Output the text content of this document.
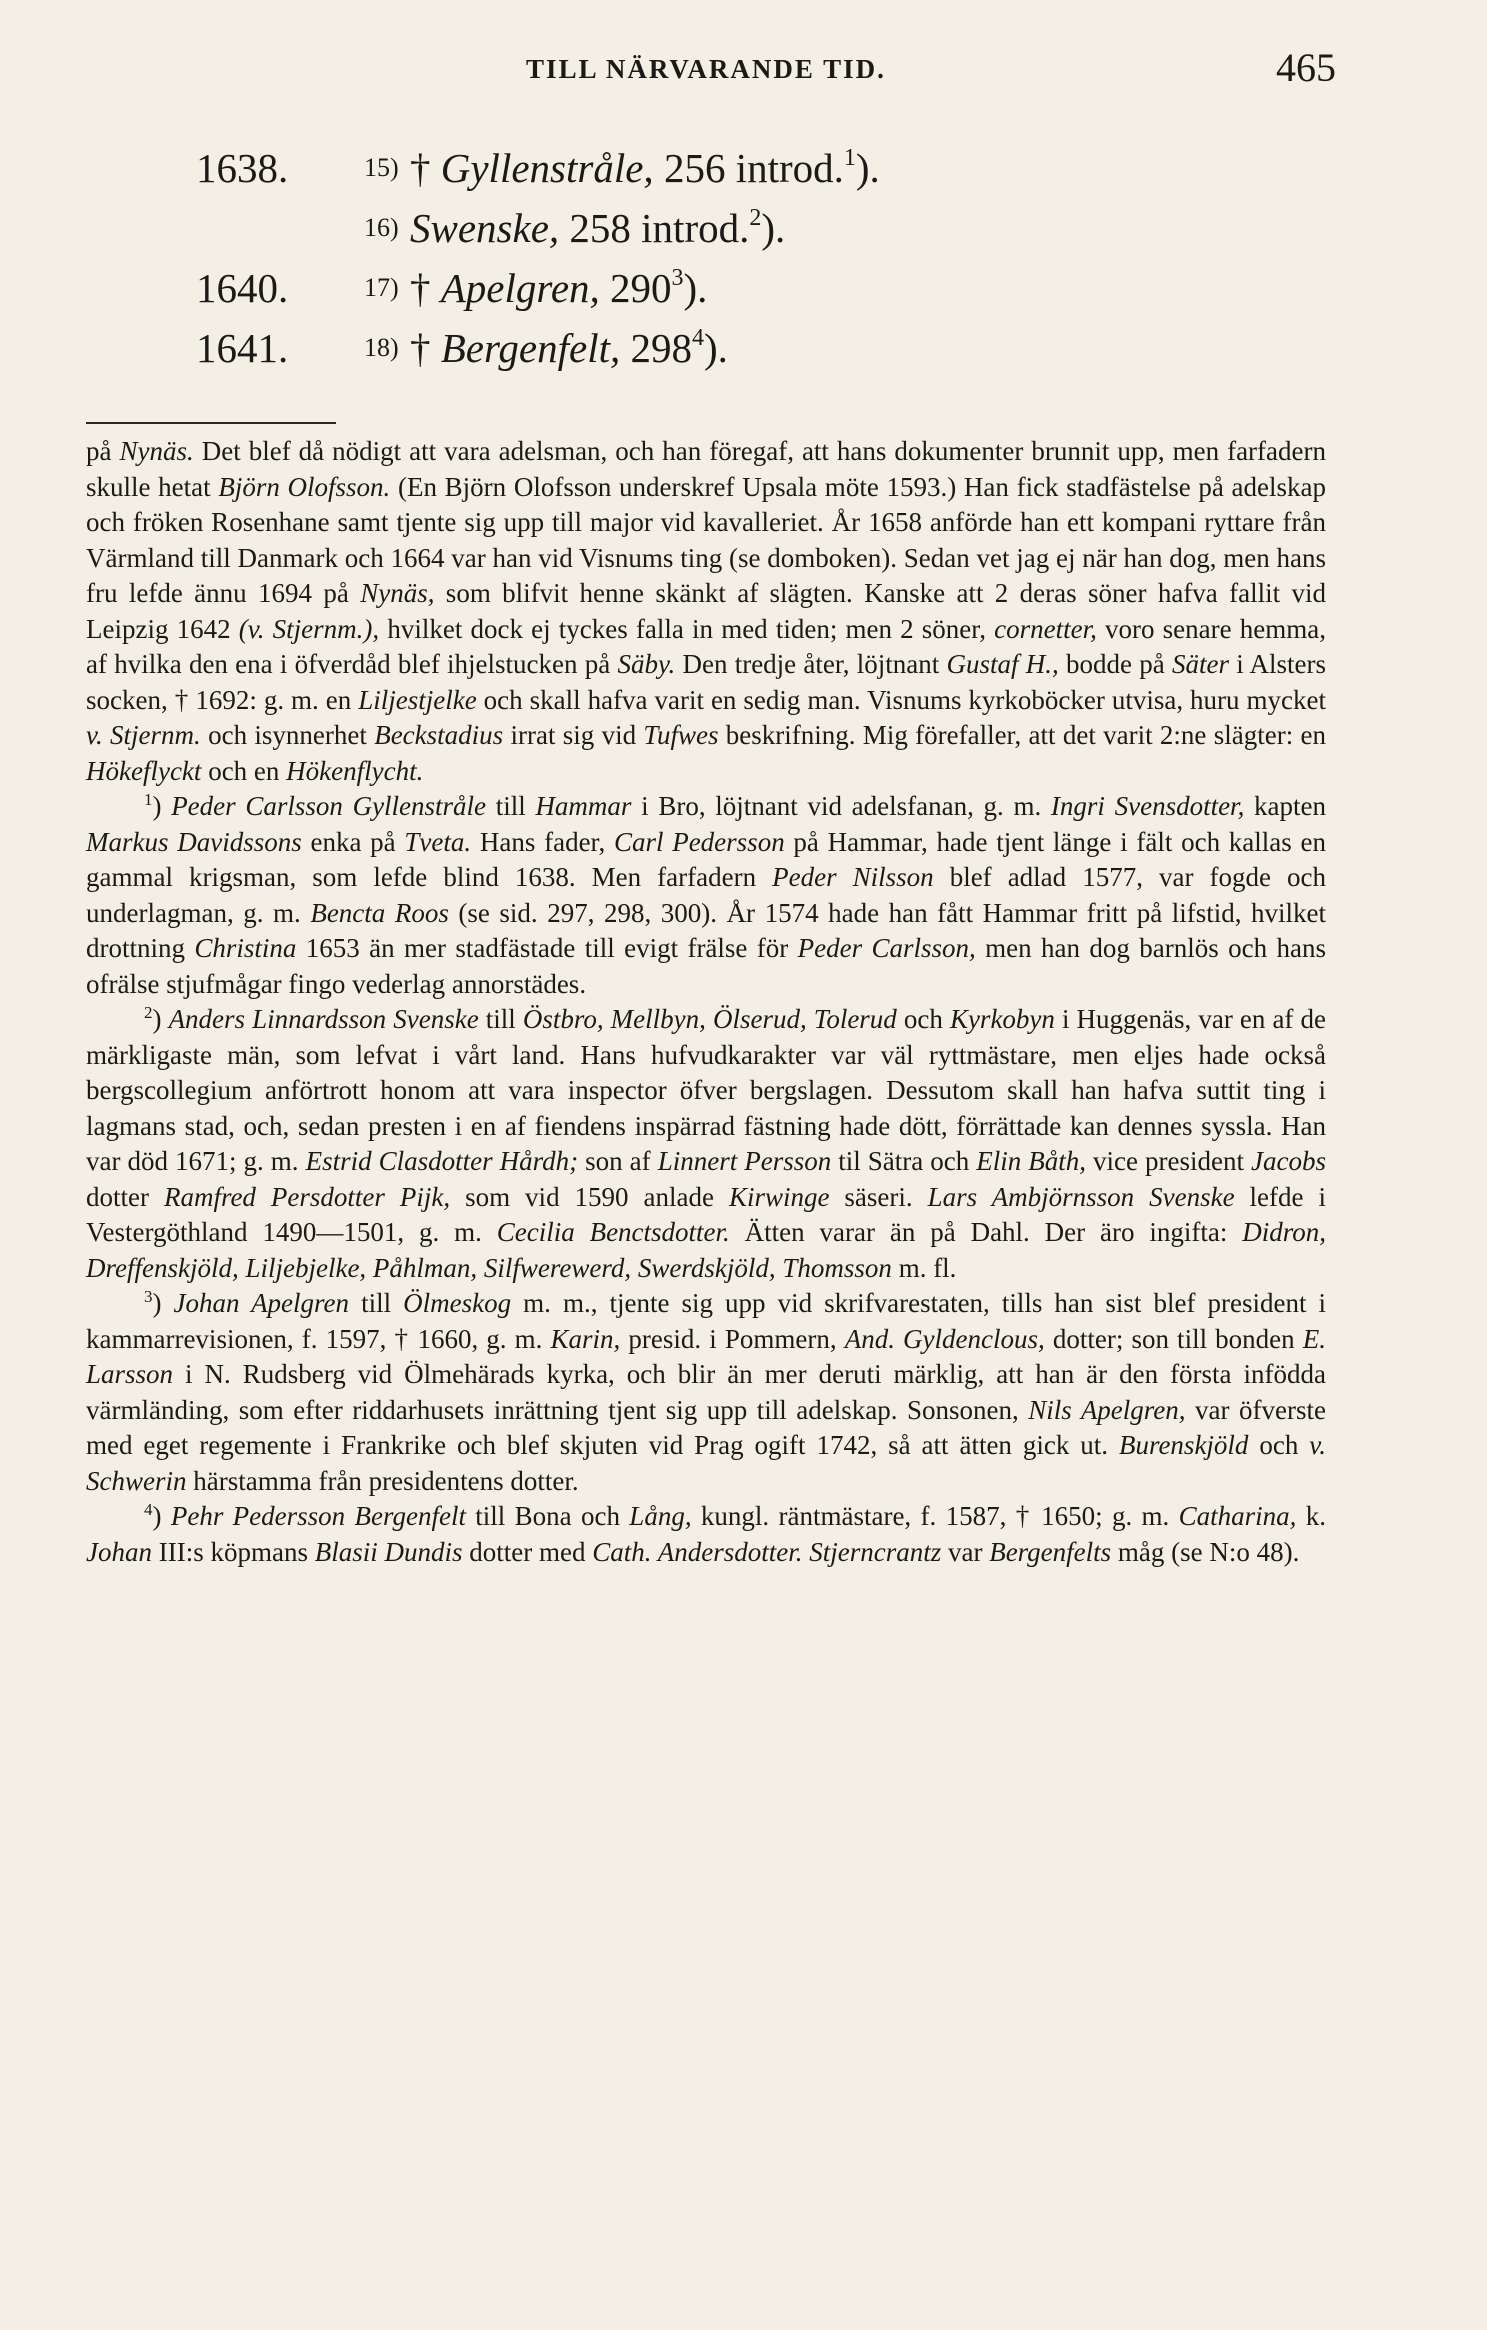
TILL NÄRVARANDE TID.	465
1638.	15) † Gyllenstråle, 256 introd.$^1$).
16) Swenske, 258 introd.$^2$).
1640.	17) † Apelgren, $290^3$).
1641.	18) † Bergenfelt, $298^4$).

på Nynäs. Det blef då nödigt att vara adelsman, och han föregaf, att hans dokumenter brunnit upp, men farfadern skulle hetat Björn Olofsson. (En Björn Olofsson underskref Upsala möte 1593.) Han fick stadfästelse på adelskap och fröken Rosenhane samt tjente sig upp till major vid kavalleriet. År 1658 anförde han ett kompani ryttare från Värmland till Danmark och 1664 var han vid Visnums ting (se domboken). Sedan vet jag ej när han dog, men hans fru lefde ännu 1694 på Nynäs, som blifvit henne skänkt af slägten. Kanske att 2 deras söner hafva fallit vid Leipzig 1642 (v. Stjernm.), hvilket dock ej tyckes falla in med tiden; men 2 söner, cornetter, voro senare hemma, af hvilka den ena i öfverdåd blef ihjelstucken på Säby. Den tredje åter, löjtnant Gustaf H., bodde på Säter i Alsters socken, † 1692: g. m. en Liljestjelke och skall hafva varit en sedig man. Visnums kyrkoböcker utvisa, huru mycket v. Stjernm. och isynnerhet Beckstadius irrat sig vid Tufwes beskrifning. Mig förefaller, att det varit 2:ne slägter: en Hökeflyckt och en Hökenflycht.

$^1$) Peder Carlsson Gyllenstråle till Hammar i Bro, löjtnant vid adelsfanan, g. m. Ingri Svensdotter, kapten Markus Davidssons enka på Tveta. Hans fader, Carl Pedersson på Hammar, hade tjent länge i fält och kallas en gammal krigsman, som lefde blind 1638. Men farfadern Peder Nilsson blef adlad 1577, var fogde och underlagman, g. m. Bencta Roos (se sid. 297, 298, 300). År 1574 hade han fått Hammar fritt på lifstid, hvilket drottning Christina 1653 än mer stadfästade till evigt frälse för Peder Carlsson, men han dog barnlös och hans ofrälse stjufmågar fingo vederlag annorstädes.

$^2$) Anders Linnardsson Svenske till Östbro, Mellbyn, Ölserud, Tolerud och Kyrkobyn i Huggenäs, var en af de märkligaste män, som lefvat i vårt land. Hans hufvudkarakter var väl ryttmästare, men eljes hade också bergscollegium anförtrott honom att vara inspector öfver bergslagen. Dessutom skall han hafva suttit ting i lagmans stad, och, sedan presten i en af fiendens inspärrad fästning hade dött, förrättade kan dennes syssla. Han var död 1671; g. m. Estrid Clasdotter Hårdh; son af Linnert Persson til Sätra och Elin Båth, vice president Jacobs dotter Ramfred Persdotter Pijk, som vid 1590 anlade Kirwinge säseri. Lars Ambjörnsson Svenske lefde i Vestergöthland 1490—1501, g. m. Cecilia Benctsdotter. Ätten varar än på Dahl. Der äro ingifta: Didron, Dreffenskjöld, Liljebjelke, Påhlman, Silfwerewerd, Swerdskjöld, Thomsson m. fl.

$^3$) Johan Apelgren till Ölmeskog m. m., tjente sig upp vid skrifvarestaten, tills han sist blef president i kammarrevisionen, f. 1597, † 1660, g. m. Karin, presid. i Pommern, And. Gyldenclous, dotter; son till bonden E. Larsson i N. Rudsberg vid Ölmehärads kyrka, och blir än mer deruti märklig, att han är den första infödda värmländing, som efter riddarhusets inrättning tjent sig upp till adelskap. Sonsonen, Nils Apelgren, var öfverste med eget regemente i Frankrike och blef skjuten vid Prag ogift 1742, så att ätten gick ut. Burenskjöld och v. Schwerin härstamma från presidentens dotter.

$^4$) Pehr Pedersson Bergenfelt till Bona och Lång, kungl. räntmästare, f. 1587, † 1650; g. m. Catharina, k. Johan III:s köpmans Blasii Dundis dotter med Cath. Andersdotter. Stjerncrantz var Bergenfelts måg (se N:o 48).
